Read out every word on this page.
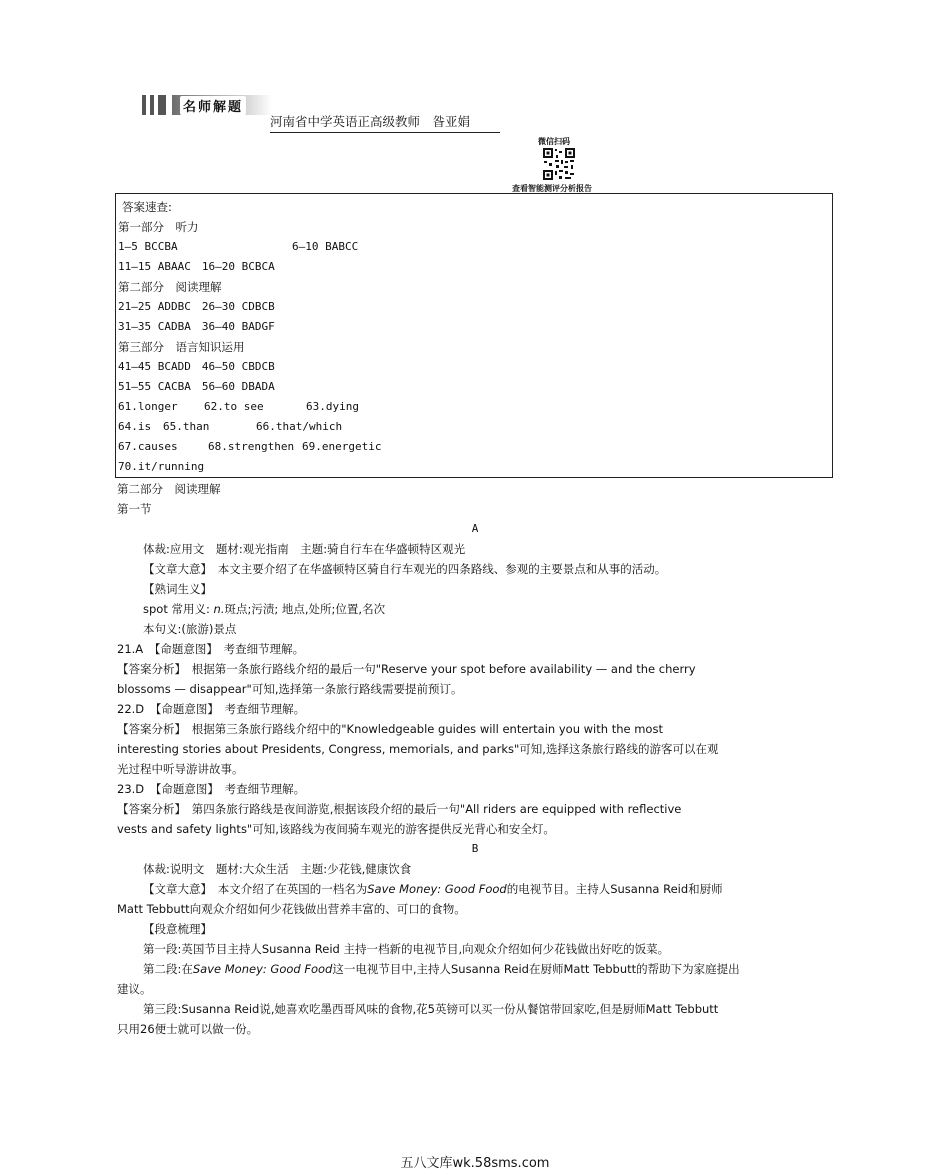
名师解题
河南省中学英语正高级教师　昝亚娟
微信扫码
查看智能测评分析报告
答案速查:
第一部分　听力
1—5 BCCBA	6—10 BABCC
11—15 ABAAC　16—20 BCBCA
第二部分　阅读理解
21—25 ADDBC　26—30 CDBCB
31—35 CADBA　36—40 BADGF
第三部分　语言知识运用
41—45 BCADD　46—50 CBDCB
51—55 CACBA　56—60 DBADA
61.longer 62.to see	63.dying
64.is 65.than	66.that/which
67.causes	68.strengthen 69.energetic
70.it/running
第二部分　阅读理解
第一节
A
体裁:应用文　题材:观光指南　主题:骑自行车在华盛顿特区观光
【文章大意】　 本文主要介绍了在华盛顿特区骑自行车观光的四条路线、参观的主要景点和从事的活动。
【熟词生义】
spot 常用义: n.斑点;污渍; 地点,处所;位置,名次
本句义:(旅游)景点
21.A　 【命题意图】　考查细节理解。
【答案分析】　根据第一条旅行路线介绍的最后一句"Reserve your spot before availability — and the cherry
blossoms — disappear"可知,选择第一条旅行路线需要提前预订。
22.D　 【命题意图】　考查细节理解。
【答案分析】　根据第三条旅行路线介绍中的"Knowledgeable guides will entertain you with the most
interesting stories about Presidents, Congress, memorials, and parks"可知,选择这条旅行路线的游客可以在观
光过程中听导游讲故事。
23.D　 【命题意图】　考查细节理解。
【答案分析】　第四条旅行路线是夜间游览,根据该段介绍的最后一句"All riders are equipped with reflective
vests and safety lights"可知,该路线为夜间骑车观光的游客提供反光背心和安全灯。
B
体裁:说明文　题材:大众生活　主题:少花钱,健康饮食
【文章大意】　 本文介绍了在英国的一档名为Save Money: Good Food的电视节目。主持人Susanna Reid和厨师
Matt Tebbutt向观众介绍如何少花钱做出营养丰富的、可口的食物。
【段意梳理】
第一段:英国节目主持人Susanna Reid 主持一档新的电视节目,向观众介绍如何少花钱做出好吃的饭菜。
第二段:在Save Money: Good Food这一电视节目中,主持人Susanna Reid在厨师Matt Tebbutt的帮助下为家庭提出
建议。
第三段:Susanna Reid说,她喜欢吃墨西哥风味的食物,花5英镑可以买一份从餐馆带回家吃,但是厨师Matt Tebbutt
只用26便士就可以做一份。
五八文库wk.58sms.com
